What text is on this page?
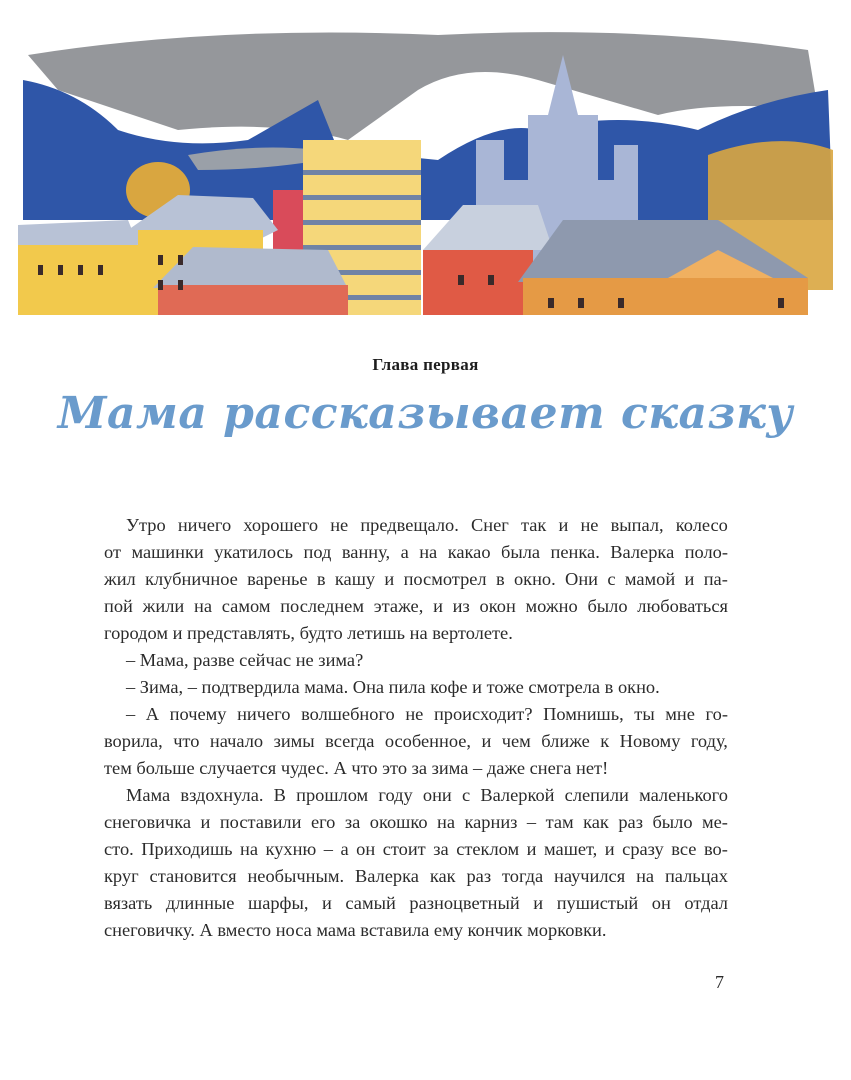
Глава первая
Мама рассказывает сказку
Утро ничего хорошего не предвещало. Снег так и не выпал, колесо
от машинки укатилось под ванну, а на какао была пенка. Валерка поло-
жил клубничное варенье в кашу и посмотрел в окно. Они с мамой и па-
пой жили на самом последнем этаже, и из окон можно было любоваться
городом и представлять, будто летишь на вертолете.
– Мама, разве сейчас не зима?
– Зима, – подтвердила мама. Она пила кофе и тоже смотрела в окно.
– А почему ничего волшебного не происходит? Помнишь, ты мне го-
ворила, что начало зимы всегда особенное, и чем ближе к Новому году,
тем больше случается чудес. А что это за зима – даже снега нет!
Мама вздохнула. В прошлом году они с Валеркой слепили маленького
снеговичка и поставили его за окошко на карниз – там как раз было ме-
сто. Приходишь на кухню – а он стоит за стеклом и машет, и сразу все во-
круг становится необычным. Валерка как раз тогда научился на пальцах
вязать длинные шарфы, и самый разноцветный и пушистый он отдал
снеговичку. А вместо носа мама вставила ему кончик морковки.
7
